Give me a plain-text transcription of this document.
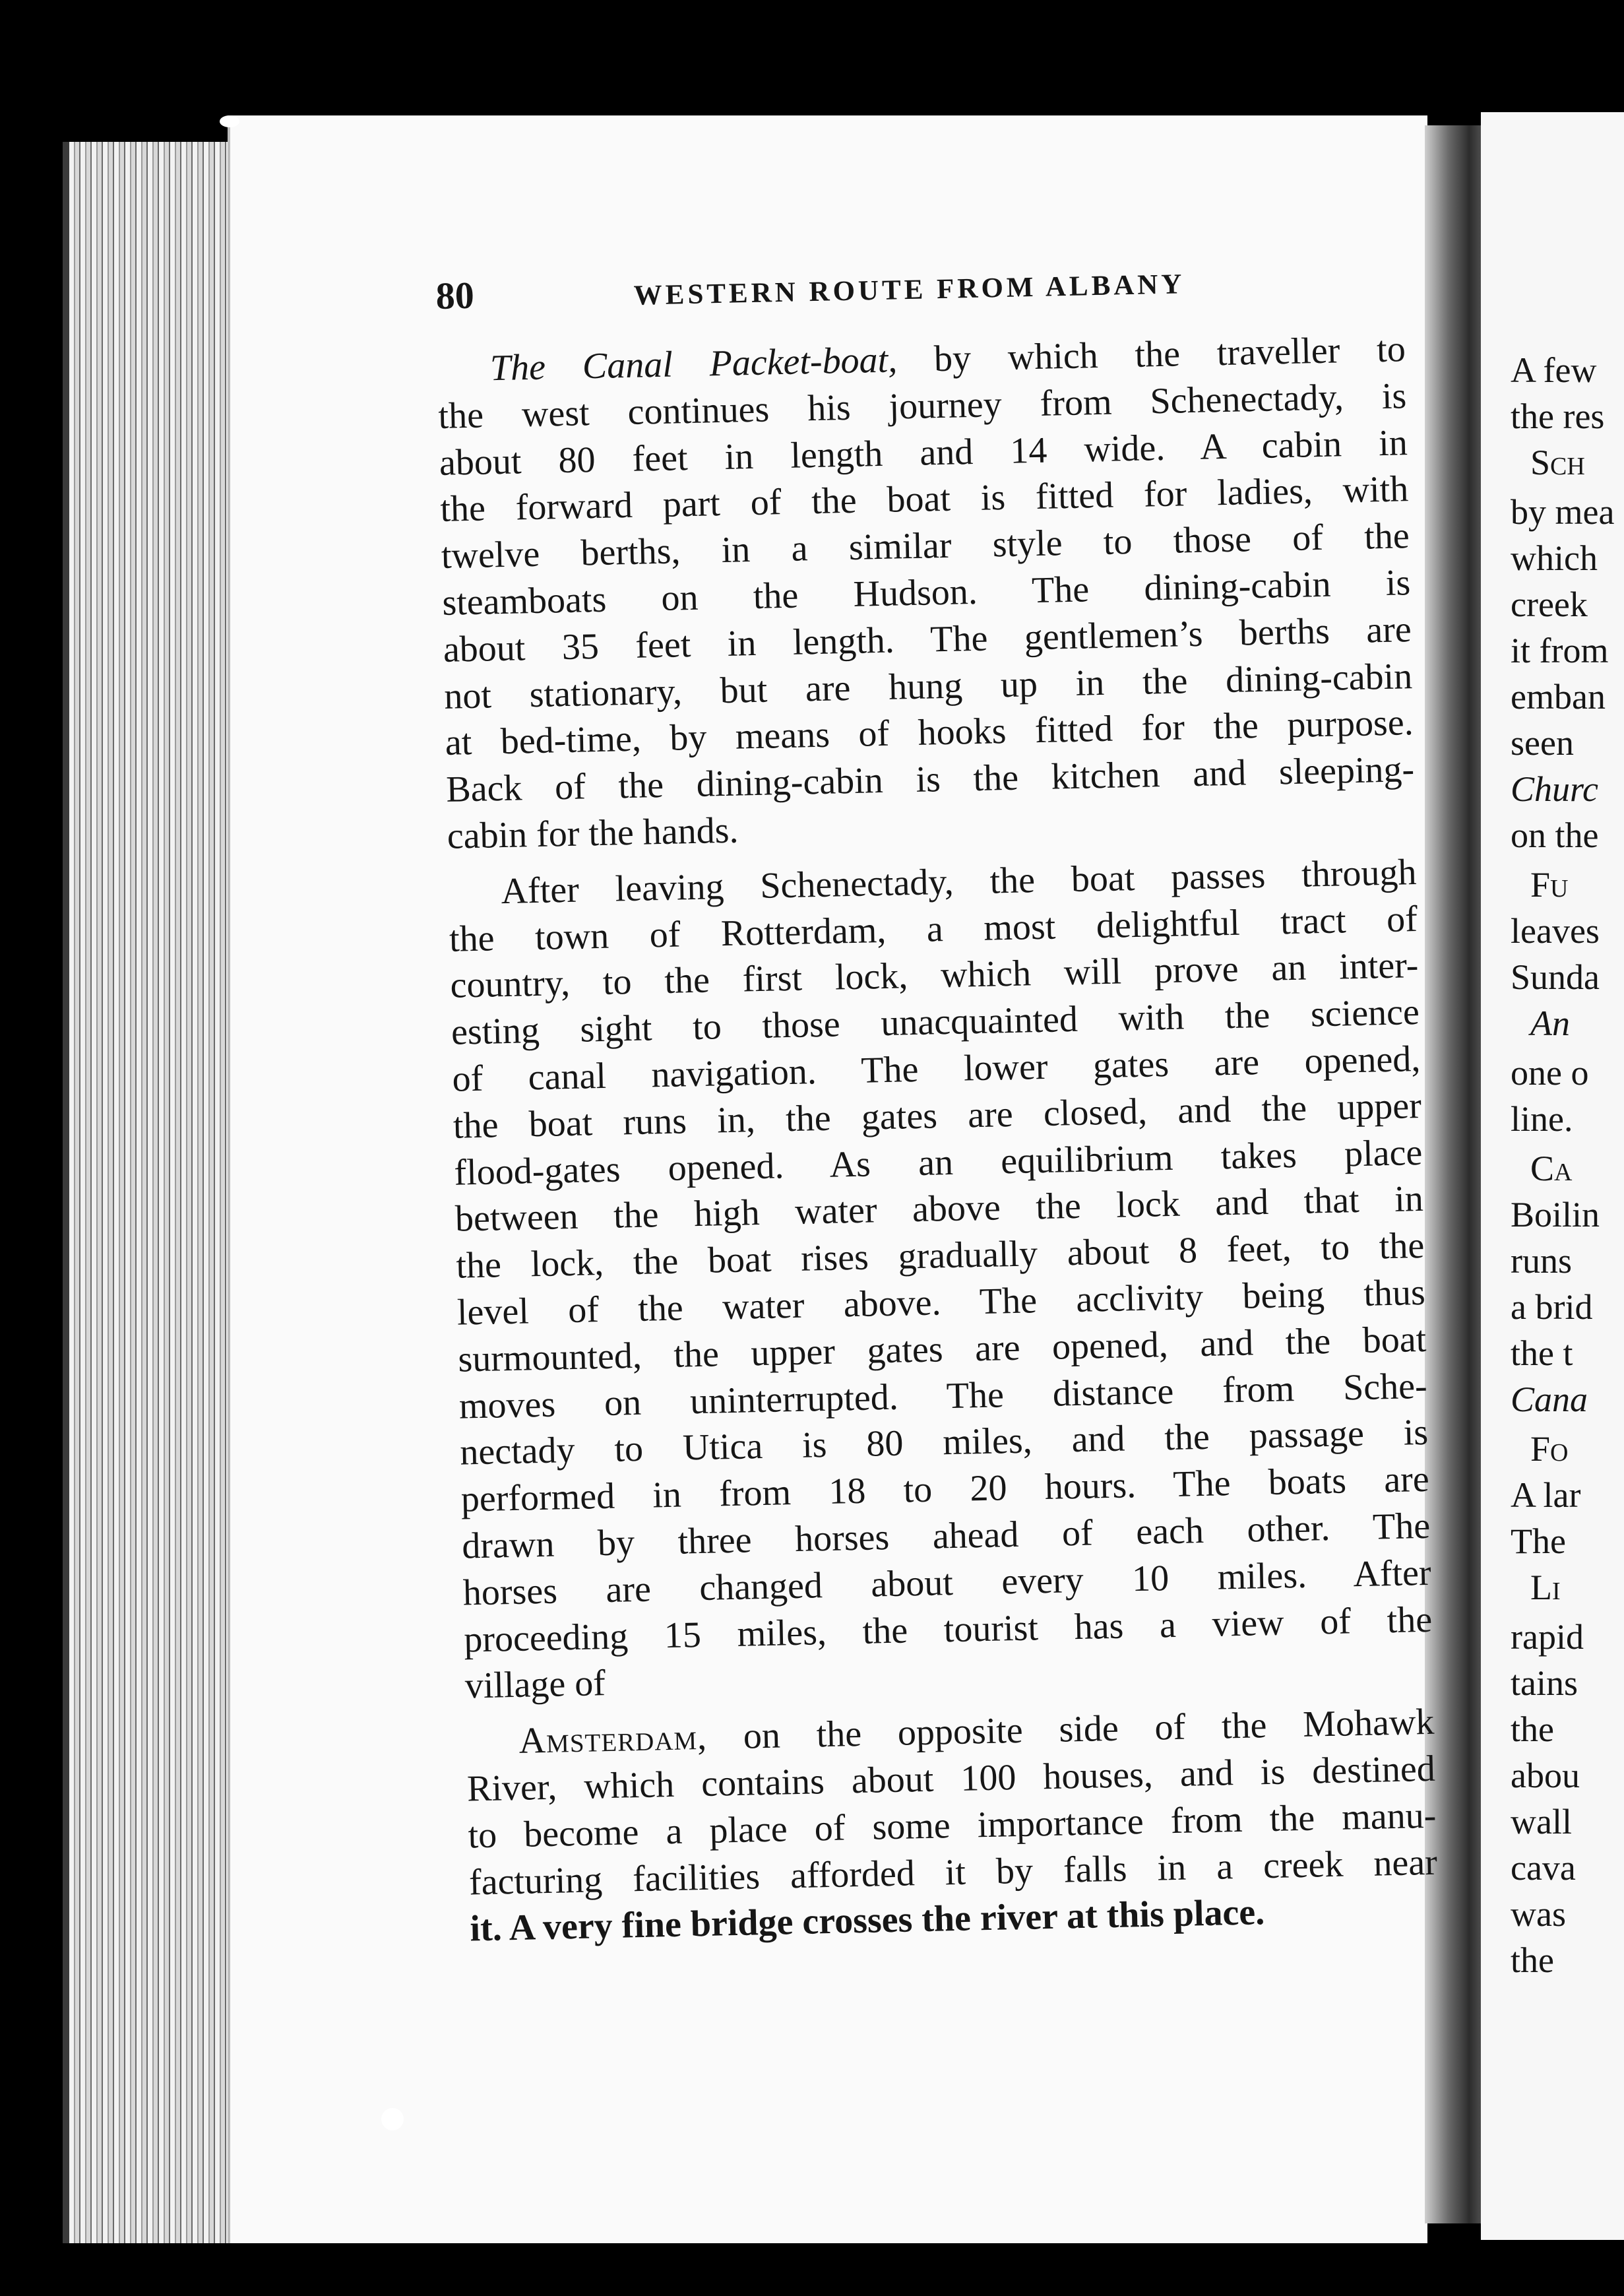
A few
the res
Sch
by mea
which
creek
it from
emban
seen
Churc
on the
Fu
leaves
Sunda
An
one o
line.
Ca
Boilin
runs
a brid
the t
Cana
Fo
A lar
The
Li
rapid
tains
the
abou
wall
cava
was
the
80	WESTERN ROUTE FROM ALBANY
The Canal Packet-boat, by which the traveller to
the west continues his journey from Schenectady, is
about 80 feet in length and 14 wide. A cabin in
the forward part of the boat is fitted for ladies, with
twelve berths, in a similar style to those of the
steamboats on the Hudson. The dining-cabin is
about 35 feet in length. The gentlemen’s berths are
not stationary, but are hung up in the dining-cabin
at bed-time, by means of hooks fitted for the purpose.
Back of the dining-cabin is the kitchen and sleeping-
cabin for the hands.
After leaving Schenectady, the boat passes through
the town of Rotterdam, a most delightful tract of
country, to the first lock, which will prove an inter-
esting sight to those unacquainted with the science
of canal navigation. The lower gates are opened,
the boat runs in, the gates are closed, and the upper
flood-gates opened. As an equilibrium takes place
between the high water above the lock and that in
the lock, the boat rises gradually about 8 feet, to the
level of the water above. The acclivity being thus
surmounted, the upper gates are opened, and the boat
moves on uninterrupted. The distance from Sche-
nectady to Utica is 80 miles, and the passage is
performed in from 18 to 20 hours. The boats are
drawn by three horses ahead of each other. The
horses are changed about every 10 miles. After
proceeding 15 miles, the tourist has a view of the
village of
Amsterdam, on the opposite side of the Mohawk
River, which contains about 100 houses, and is destined
to become a place of some importance from the manu-
facturing facilities afforded it by falls in a creek near
it. A very fine bridge crosses the river at this place.
